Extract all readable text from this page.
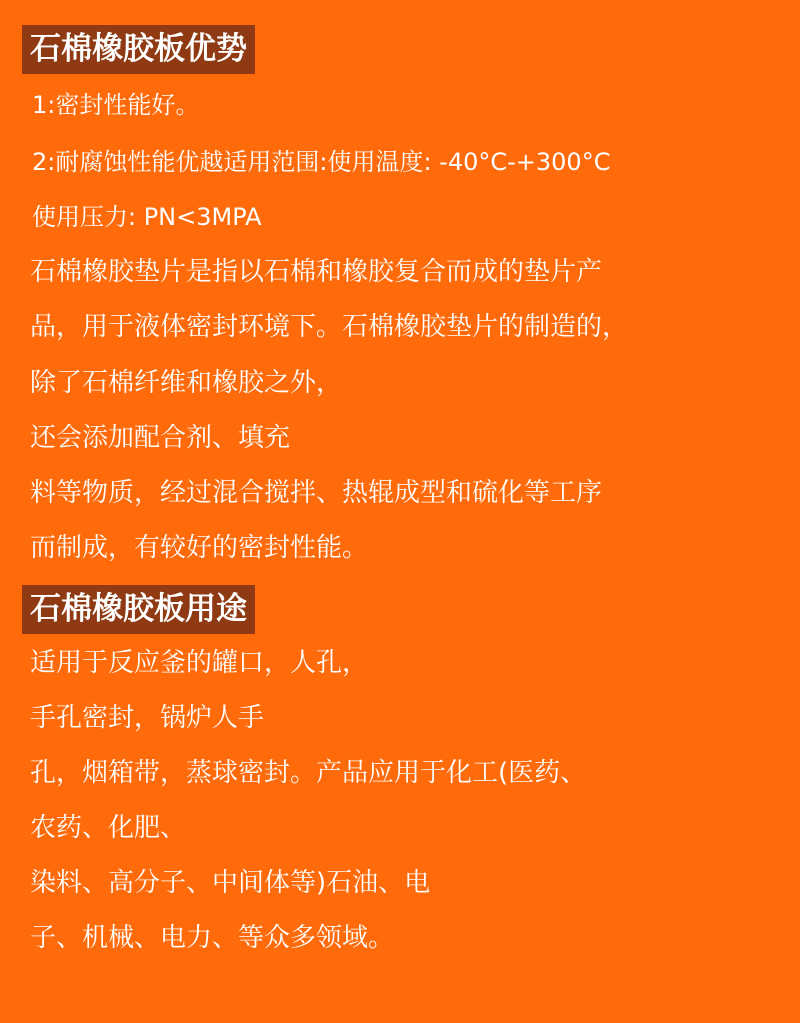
石棉橡胶板优势
1:密封性能好。
2:耐腐蚀性能优越适用范围:使用温度: -40°C-+300°C
使用压力: PN<3MPA
石棉橡胶垫片是指以石棉和橡胶复合而成的垫片产
品，用于液体密封环境下。石棉橡胶垫片的制造的，
除了石棉纤维和橡胶之外，
还会添加配合剂、填充
料等物质，经过混合搅拌、热辊成型和硫化等工序
而制成，有较好的密封性能。
石棉橡胶板用途
适用于反应釜的罐口，人孔，
手孔密封，锅炉人手
孔，烟箱带，蒸球密封。产品应用于化工(医药、
农药、化肥、
染料、高分子、中间体等)石油、电
子、机械、电力、等众多领域。
